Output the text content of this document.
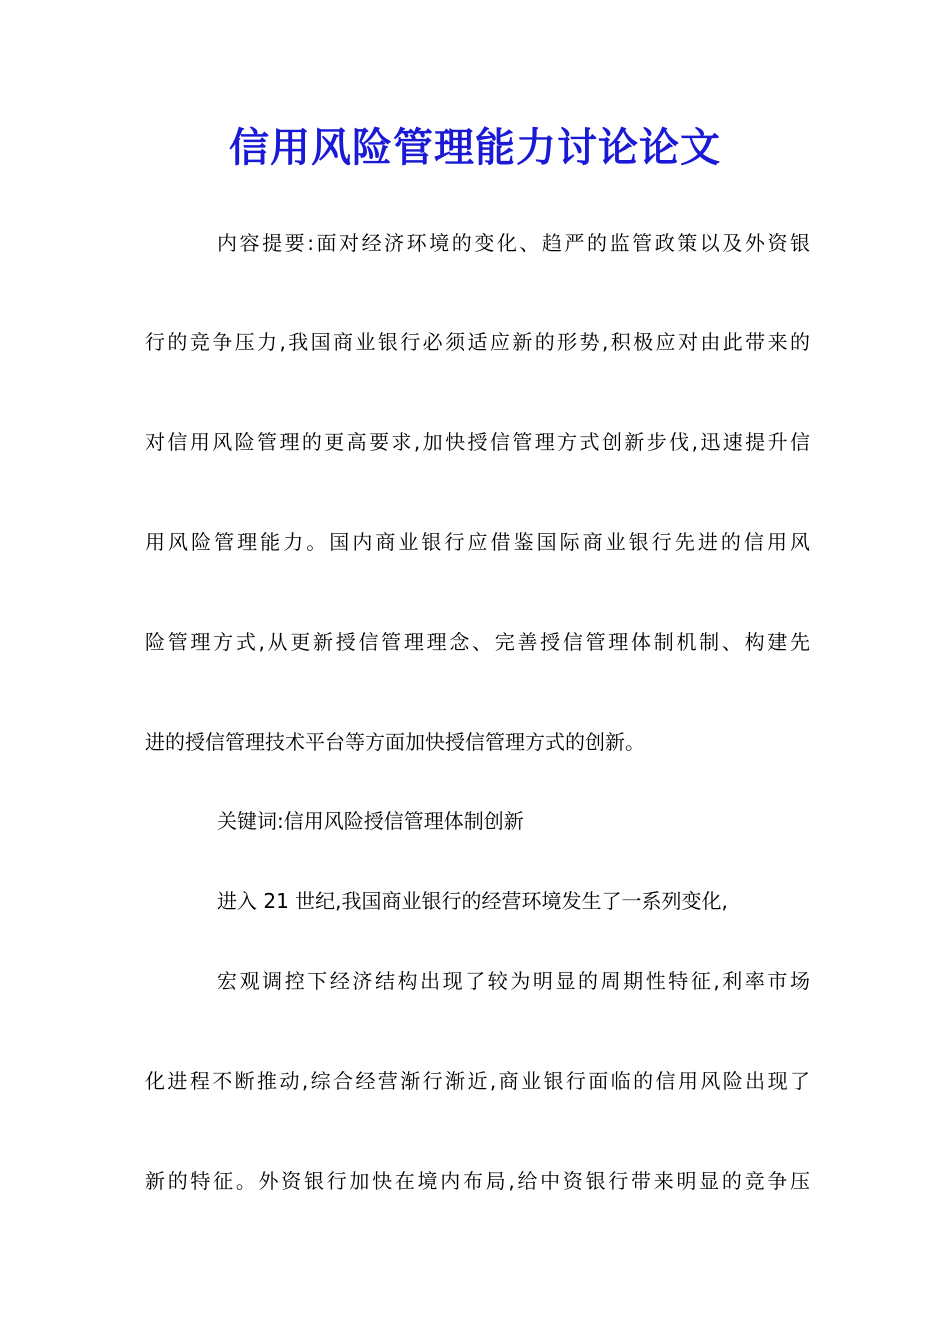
信用风险管理能力讨论论文

内容提要:面对经济环境的变化、趋严的监管政策以及外资银

行的竞争压力,我国商业银行必须适应新的形势,积极应对由此带来的

对信用风险管理的更高要求,加快授信管理方式创新步伐,迅速提升信

用风险管理能力。国内商业银行应借鉴国际商业银行先进的信用风

险管理方式,从更新授信管理理念、完善授信管理体制机制、构建先

进的授信管理技术平台等方面加快授信管理方式的创新。

关键词:信用风险授信管理体制创新

进入 21 世纪,我国商业银行的经营环境发生了一系列变化,

宏观调控下经济结构出现了较为明显的周期性特征,利率市场

化进程不断推动,综合经营渐行渐近,商业银行面临的信用风险出现了

新的特征。外资银行加快在境内布局,给中资银行带来明显的竞争压
